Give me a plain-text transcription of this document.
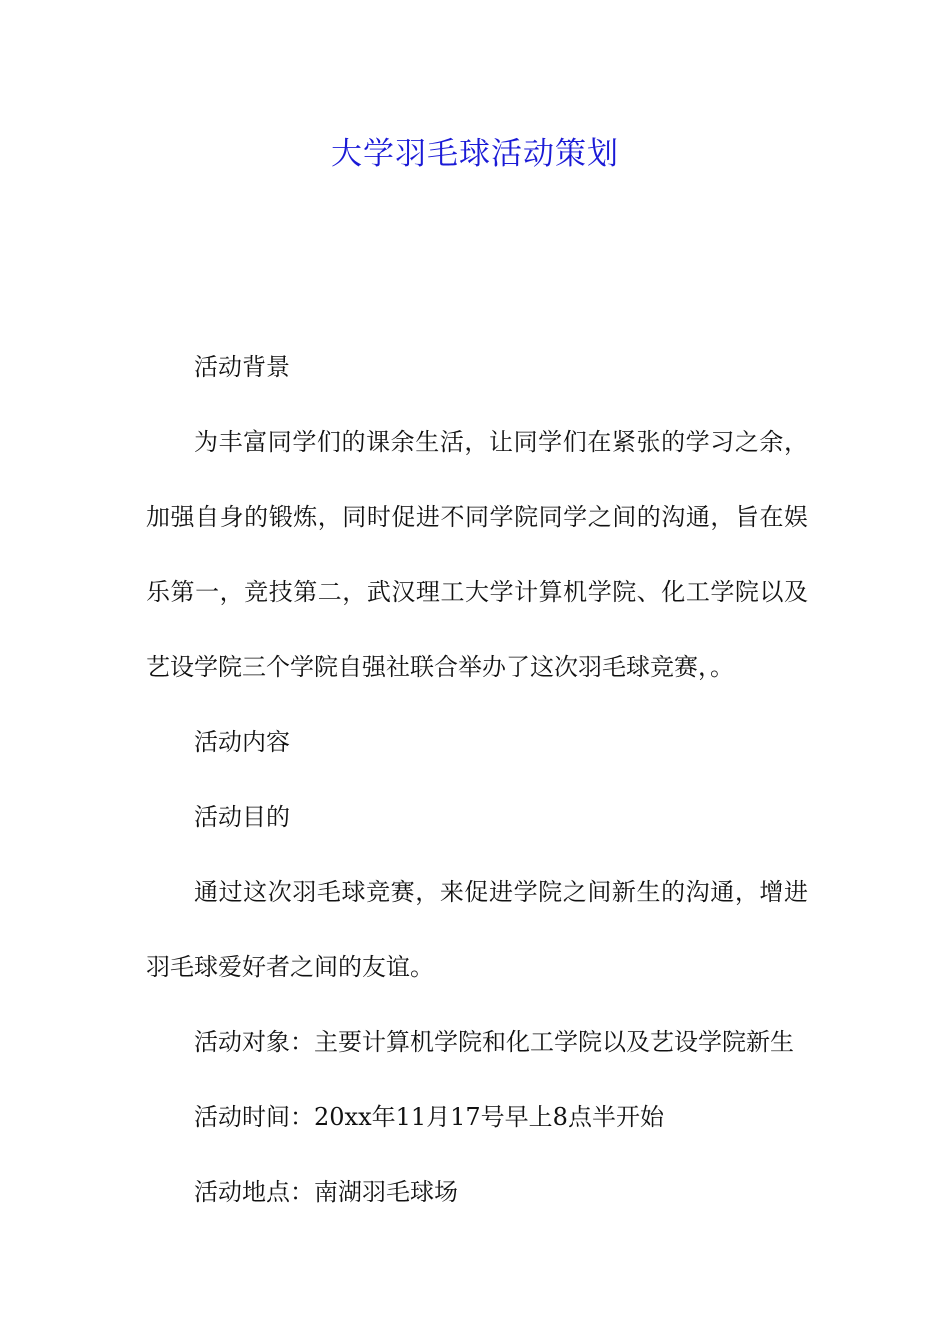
大学羽毛球活动策划

活动背景

为丰富同学们的课余生活，让同学们在紧张的学习之余，加强自身的锻炼，同时促进不同学院同学之间的沟通，旨在娱乐第一，竞技第二，武汉理工大学计算机学院、化工学院以及艺设学院三个学院自强社联合举办了这次羽毛球竞赛，。

活动内容

活动目的

通过这次羽毛球竞赛，来促进学院之间新生的沟通，增进羽毛球爱好者之间的友谊。

活动对象：主要计算机学院和化工学院以及艺设学院新生

活动时间：20xx年11月17号早上8点半开始

活动地点：南湖羽毛球场
